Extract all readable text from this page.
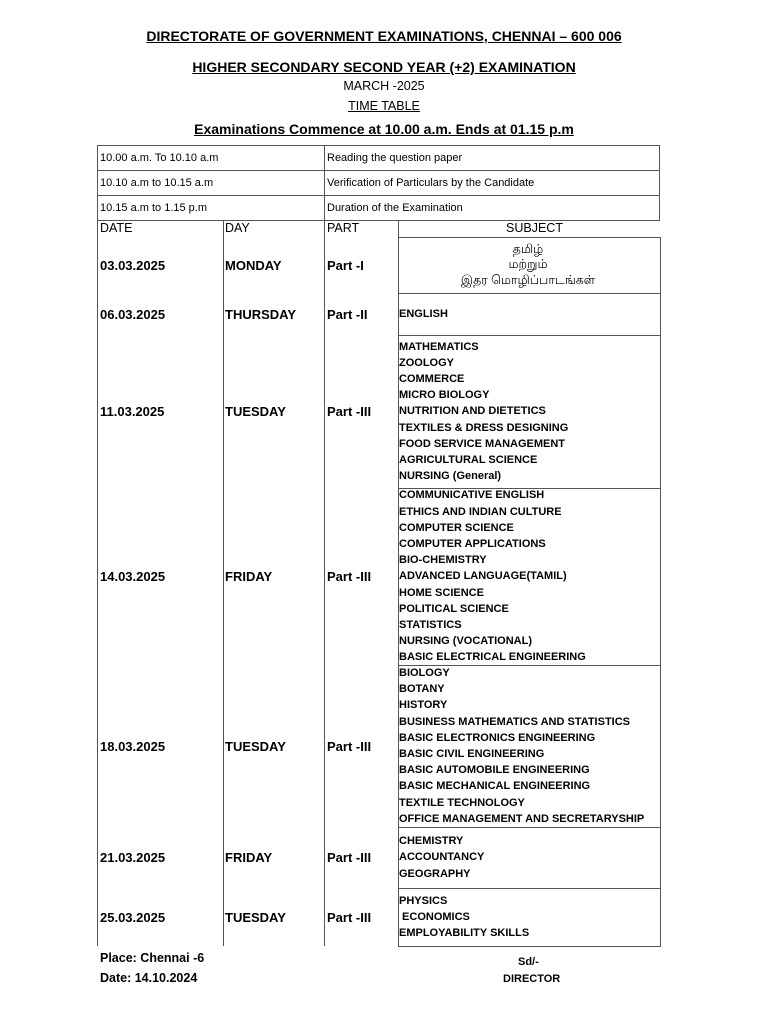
DIRECTORATE OF GOVERNMENT EXAMINATIONS, CHENNAI – 600 006
HIGHER SECONDARY SECOND YEAR (+2) EXAMINATION
MARCH -2025
TIME TABLE
Examinations Commence at 10.00 a.m. Ends at 01.15 p.m
10.00 a.m. To 10.10 a.m	Reading the question paper
10.10 a.m to 10.15 a.m	Verification of Particulars by the Candidate
10.15 a.m to 1.15 p.m	Duration of the Examination
DATE	DAY	PART	SUBJECT
03.03.2025	MONDAY	Part -I
தமிழ்
மற்றும்
இதர மொழிப்பாடங்கள்
06.03.2025	THURSDAY Part -II	ENGLISH
11.03.2025	TUESDAY	Part -III
MATHEMATICS
ZOOLOGY
COMMERCE
MICRO BIOLOGY
NUTRITION AND DIETETICS
TEXTILES & DRESS DESIGNING
FOOD SERVICE MANAGEMENT
AGRICULTURAL SCIENCE
NURSING (General)
14.03.2025	FRIDAY	Part -III
COMMUNICATIVE ENGLISH
ETHICS AND INDIAN CULTURE
COMPUTER SCIENCE
COMPUTER APPLICATIONS
BIO-CHEMISTRY
ADVANCED LANGUAGE(TAMIL)
HOME SCIENCE
POLITICAL SCIENCE
STATISTICS
NURSING (VOCATIONAL)
BASIC ELECTRICAL ENGINEERING
18.03.2025	TUESDAY	Part -III
BIOLOGY
BOTANY
HISTORY
BUSINESS MATHEMATICS AND STATISTICS
BASIC ELECTRONICS ENGINEERING
BASIC CIVIL ENGINEERING
BASIC AUTOMOBILE ENGINEERING
BASIC MECHANICAL ENGINEERING
TEXTILE TECHNOLOGY
OFFICE MANAGEMENT AND SECRETARYSHIP
21.03.2025	FRIDAY	Part -III
CHEMISTRY
ACCOUNTANCY
GEOGRAPHY
25.03.2025	TUESDAY	Part -III
PHYSICS
ECONOMICS
EMPLOYABILITY SKILLS
Place: Chennai -6
Date: 14.10.2024
Sd/-
DIRECTOR
